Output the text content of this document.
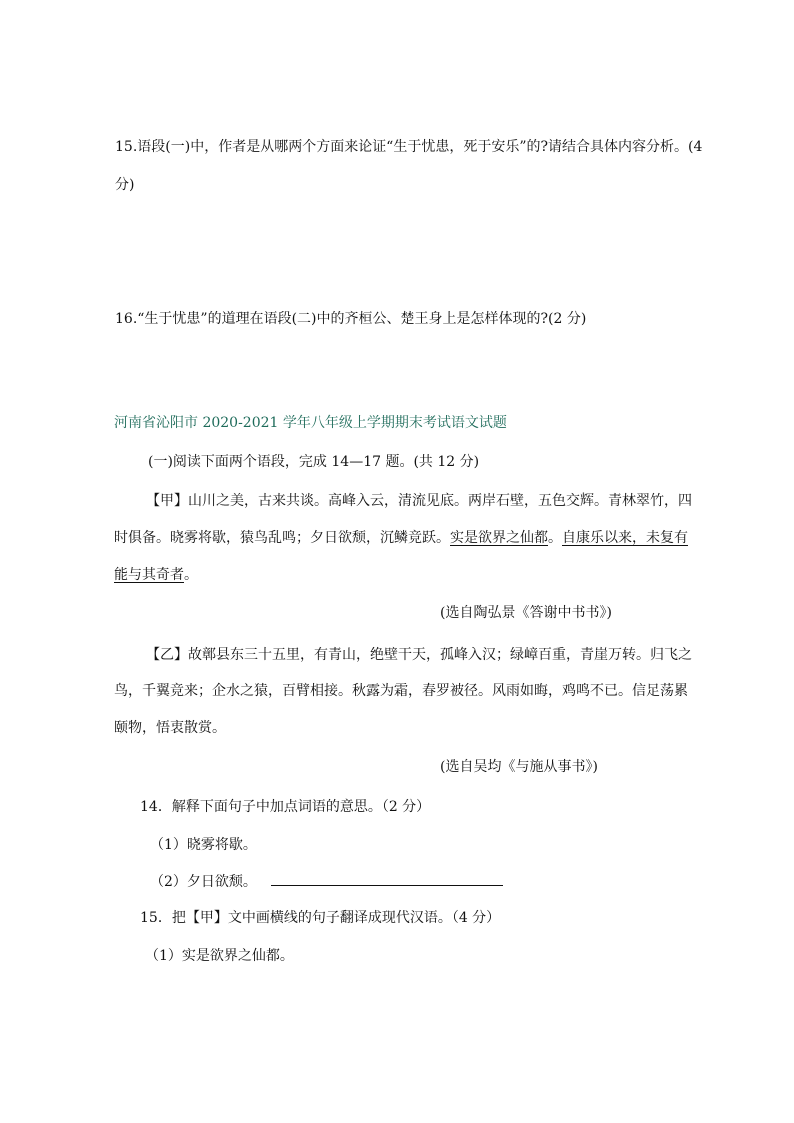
15.语段(一)中，作者是从哪两个方面来论证“生于忧患，死于安乐”的?请结合具体内容分析。(4
分)
16.“生于忧患”的道理在语段(二)中的齐桓公、楚王身上是怎样体现的?(2 分)
河南省沁阳市 2020-2021 学年八年级上学期期末考试语文试题
(一)阅读下面两个语段，完成 14—17 题。(共 12 分)
【甲】山川之美，古来共谈。高峰入云，清流见底。两岸石壁，五色交辉。青林翠竹，四
时俱备。晓雾将歇，猿鸟乱鸣；夕日欲颓，沉鳞竞跃。实是欲界之仙都。自康乐以来，未复有
能与其奇者。
(选自陶弘景《答谢中书书》)
【乙】故鄣县东三十五里，有青山，绝壁干天，孤峰入汉；绿嶂百重，青崖万转。归飞之
鸟，千翼竞来；企水之猿，百臂相接。秋露为霜，春罗被径。风雨如晦，鸡鸣不已。信足荡累
颐物，悟衷散赏。
(选自吴均《与施从事书》)
14．解释下面句子中加点词语的意思。（2 分）
（1）晓雾将歇。
（2）夕日欲颓。
15．把【甲】文中画横线的句子翻译成现代汉语。（4 分）
（1）实是欲界之仙都。
